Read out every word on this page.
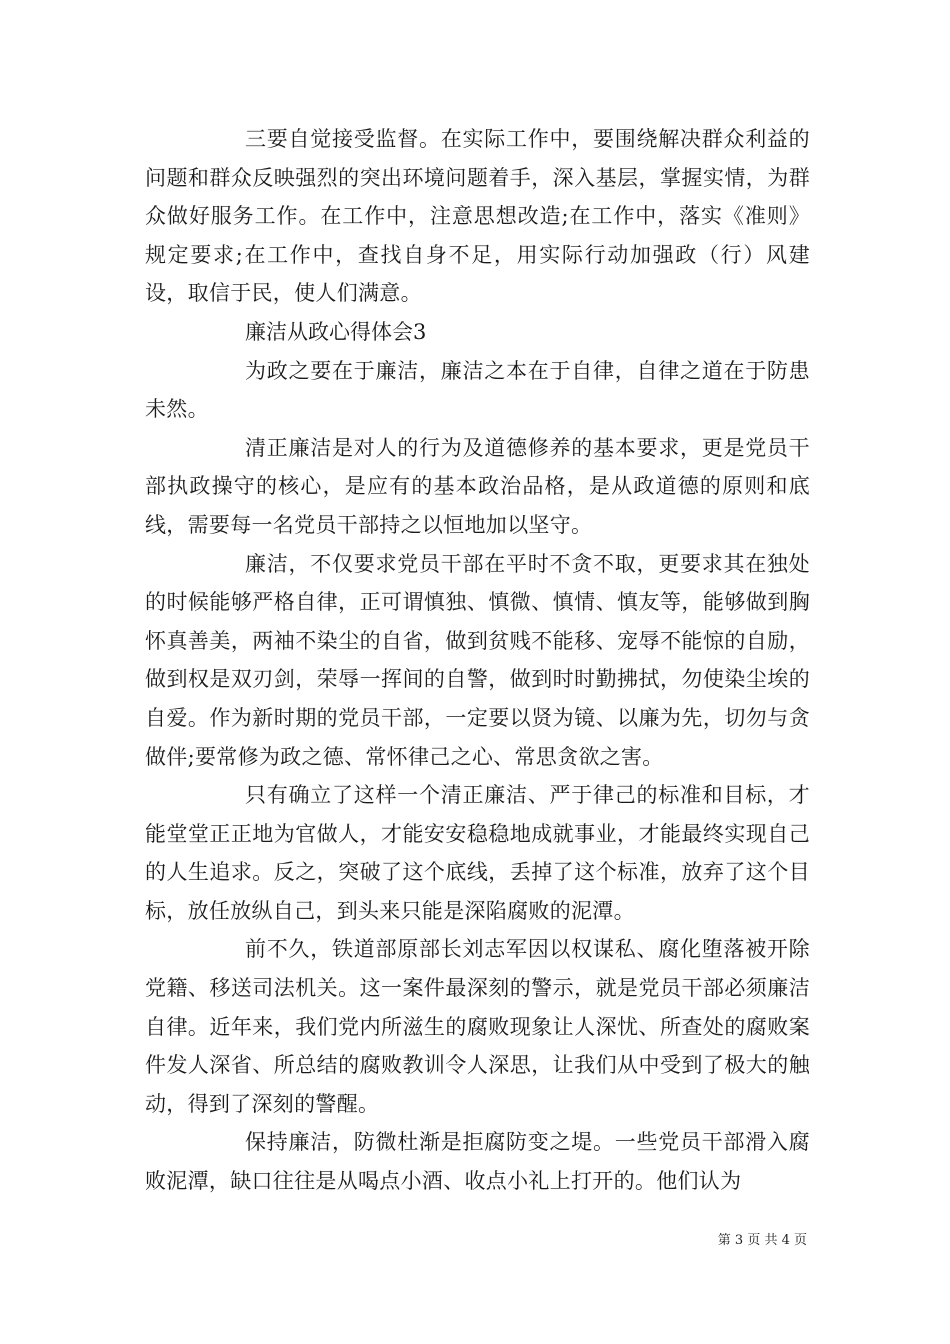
三要自觉接受监督。在实际工作中，要围绕解决群众利益的问题和群众反映强烈的突出环境问题着手，深入基层，掌握实情，为群众做好服务工作。在工作中，注意思想改造;在工作中，落实《准则》规定要求;在工作中，查找自身不足，用实际行动加强政（行）风建设，取信于民，使人们满意。

廉洁从政心得体会3

为政之要在于廉洁，廉洁之本在于自律，自律之道在于防患未然。

清正廉洁是对人的行为及道德修养的基本要求，更是党员干部执政操守的核心，是应有的基本政治品格，是从政道德的原则和底线，需要每一名党员干部持之以恒地加以坚守。

廉洁，不仅要求党员干部在平时不贪不取，更要求其在独处的时候能够严格自律，正可谓慎独、慎微、慎情、慎友等，能够做到胸怀真善美，两袖不染尘的自省，做到贫贱不能移、宠辱不能惊的自励，做到权是双刃剑，荣辱一挥间的自警，做到时时勤拂拭，勿使染尘埃的自爱。作为新时期的党员干部，一定要以贤为镜、以廉为先，切勿与贪做伴;要常修为政之德、常怀律己之心、常思贪欲之害。

只有确立了这样一个清正廉洁、严于律己的标准和目标，才能堂堂正正地为官做人，才能安安稳稳地成就事业，才能最终实现自己的人生追求。反之，突破了这个底线，丢掉了这个标准，放弃了这个目标，放任放纵自己，到头来只能是深陷腐败的泥潭。

前不久，铁道部原部长刘志军因以权谋私、腐化堕落被开除党籍、移送司法机关。这一案件最深刻的警示，就是党员干部必须廉洁自律。近年来，我们党内所滋生的腐败现象让人深忧、所查处的腐败案件发人深省、所总结的腐败教训令人深思，让我们从中受到了极大的触动，得到了深刻的警醒。

保持廉洁，防微杜渐是拒腐防变之堤。一些党员干部滑入腐败泥潭，缺口往往是从喝点小酒、收点小礼上打开的。他们认为

第 3 页 共 4 页
